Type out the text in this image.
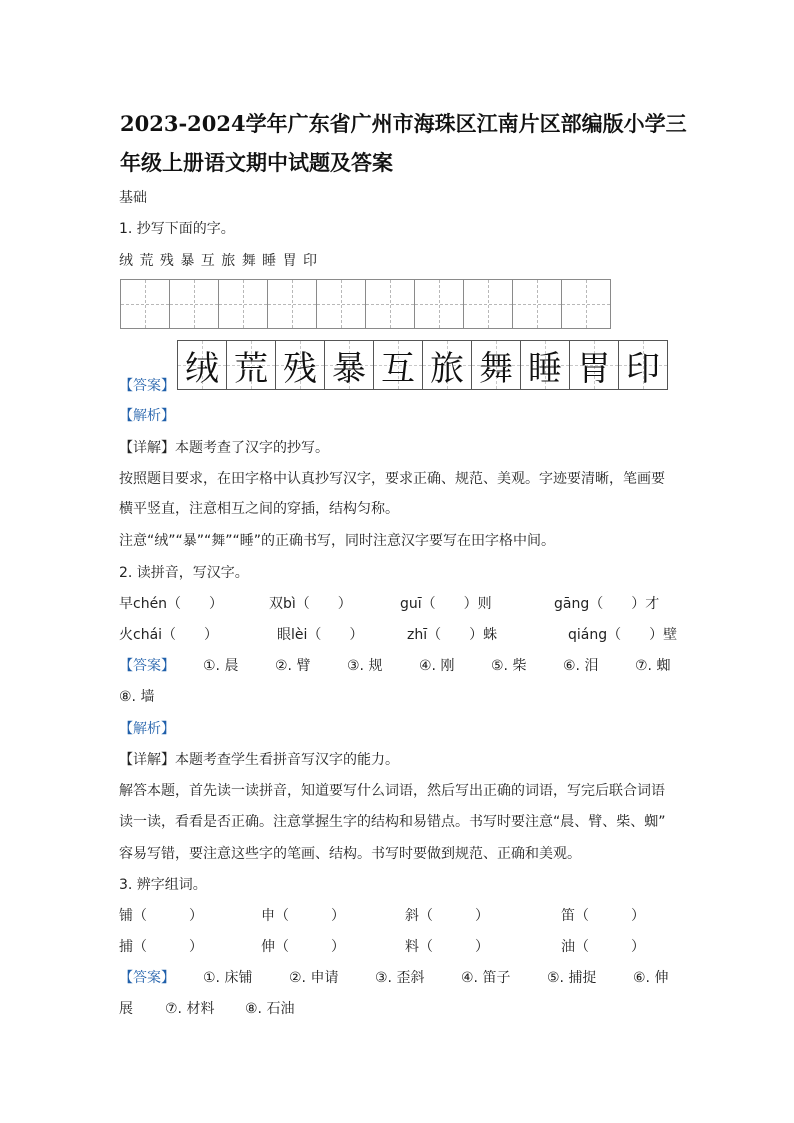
2023-2024学年广东省广州市海珠区江南片区部编版小学三
年级上册语文期中试题及答案
基础
1. 抄写下面的字。
绒 荒 残 暴 互 旅 舞 睡 胃 印
【答案】 绒 荒 残 暴 互 旅 舞 睡 胃 印
【解析】
【详解】本题考查了汉字的抄写。
按照题目要求，在田字格中认真抄写汉字，要求正确、规范、美观。字迹要清晰，笔画要
横平竖直，注意相互之间的穿插，结构匀称。
注意“绒”“暴”“舞”“睡”的正确书写，同时注意汉字要写在田字格中间。
2. 读拼音，写汉字。
早chén（　　）	双bì（　　）	guī（　　）则	gāng（　　）才
火chái（　　）	眼lèi（　　）	zhī（　　）蛛	qiáng（　　）壁
【答案】 ①. 晨	②. 臂	③. 规	④. 刚	⑤. 柴	⑥. 泪	⑦. 蜘
⑧. 墙
【解析】
【详解】本题考查学生看拼音写汉字的能力。
解答本题，首先读一读拼音，知道要写什么词语，然后写出正确的词语，写完后联合词语
读一读，看看是否正确。注意掌握生字的结构和易错点。书写时要注意“晨、臂、柴、蜘”
容易写错，要注意这些字的笔画、结构。书写时要做到规范、正确和美观。
3. 辨字组词。
铺（　　　）	申（　　　）	斜（　　　）	笛（　　　）
捕（　　　）	伸（　　　）	料（　　　）	油（　　　）
【答案】 ①. 床铺	②. 申请	③. 歪斜	④. 笛子	⑤. 捕捉	⑥. 伸
展 ⑦. 材料 ⑧. 石油
